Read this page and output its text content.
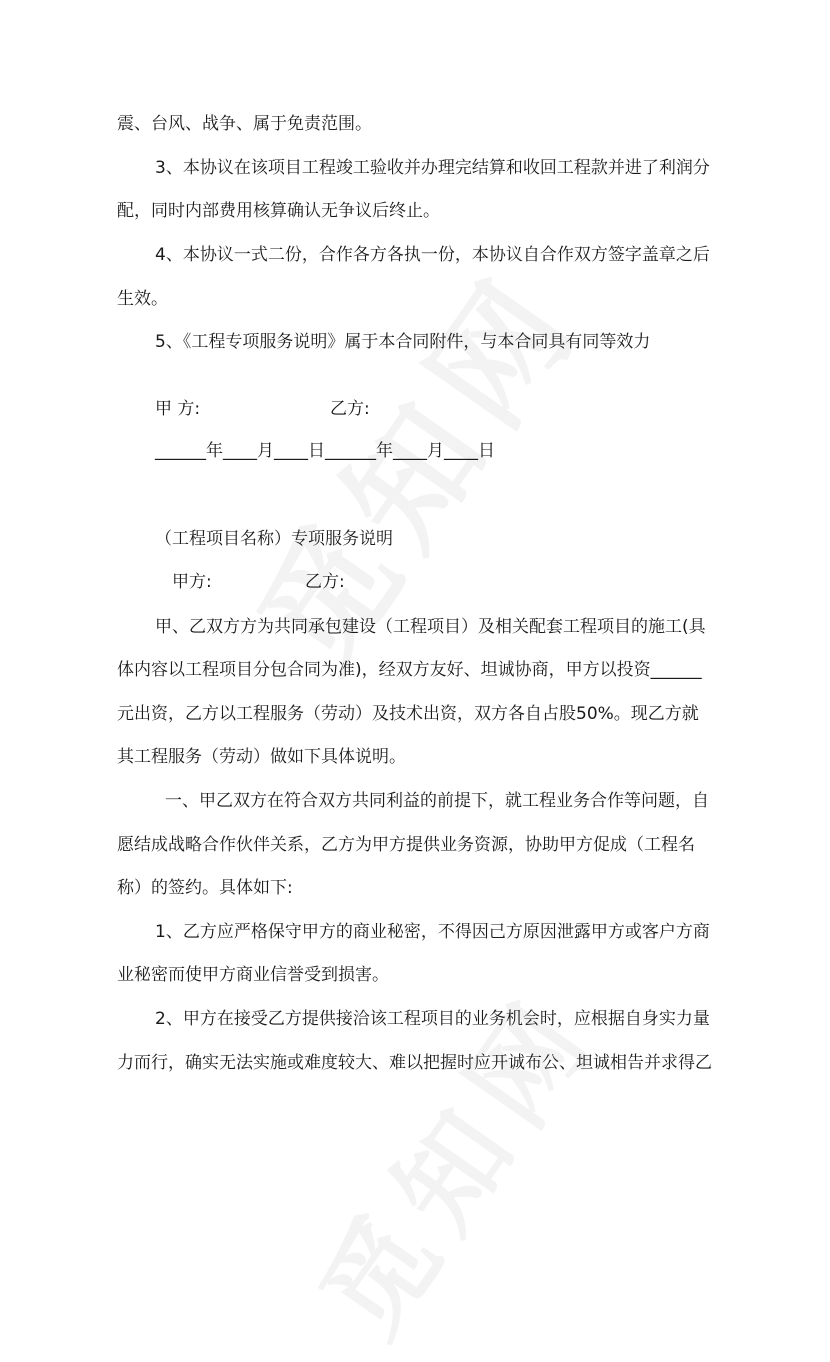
震、台风、战争、属于免责范围。

3、本协议在该项目工程竣工验收并办理完结算和收回工程款并进了利润分

配，同时内部费用核算确认无争议后终止。

4、本协议一式二份，合作各方各执一份，本协议自合作双方签字盖章之后

生效。

5、《工程专项服务说明》属于本合同附件，与本合同具有同等效力

甲 方:	乙方:

______年____月____日______年____月____日

（工程项目名称）专项服务说明

甲方:	乙方:

甲、乙双方方为共同承包建设（工程项目）及相关配套工程项目的施工(具

体内容以工程项目分包合同为准)，经双方友好、坦诚协商，甲方以投资______

元出资，乙方以工程服务（劳动）及技术出资，双方各自占股50%。现乙方就

其工程服务（劳动）做如下具体说明。

一、甲乙双方在符合双方共同利益的前提下，就工程业务合作等问题，自

愿结成战略合作伙伴关系，乙方为甲方提供业务资源，协助甲方促成（工程名

称）的签约。具体如下:

1、乙方应严格保守甲方的商业秘密，不得因己方原因泄露甲方或客户方商

业秘密而使甲方商业信誉受到损害。

2、甲方在接受乙方提供接洽该工程项目的业务机会时，应根据自身实力量

力而行，确实无法实施或难度较大、难以把握时应开诚布公、坦诚相告并求得乙
